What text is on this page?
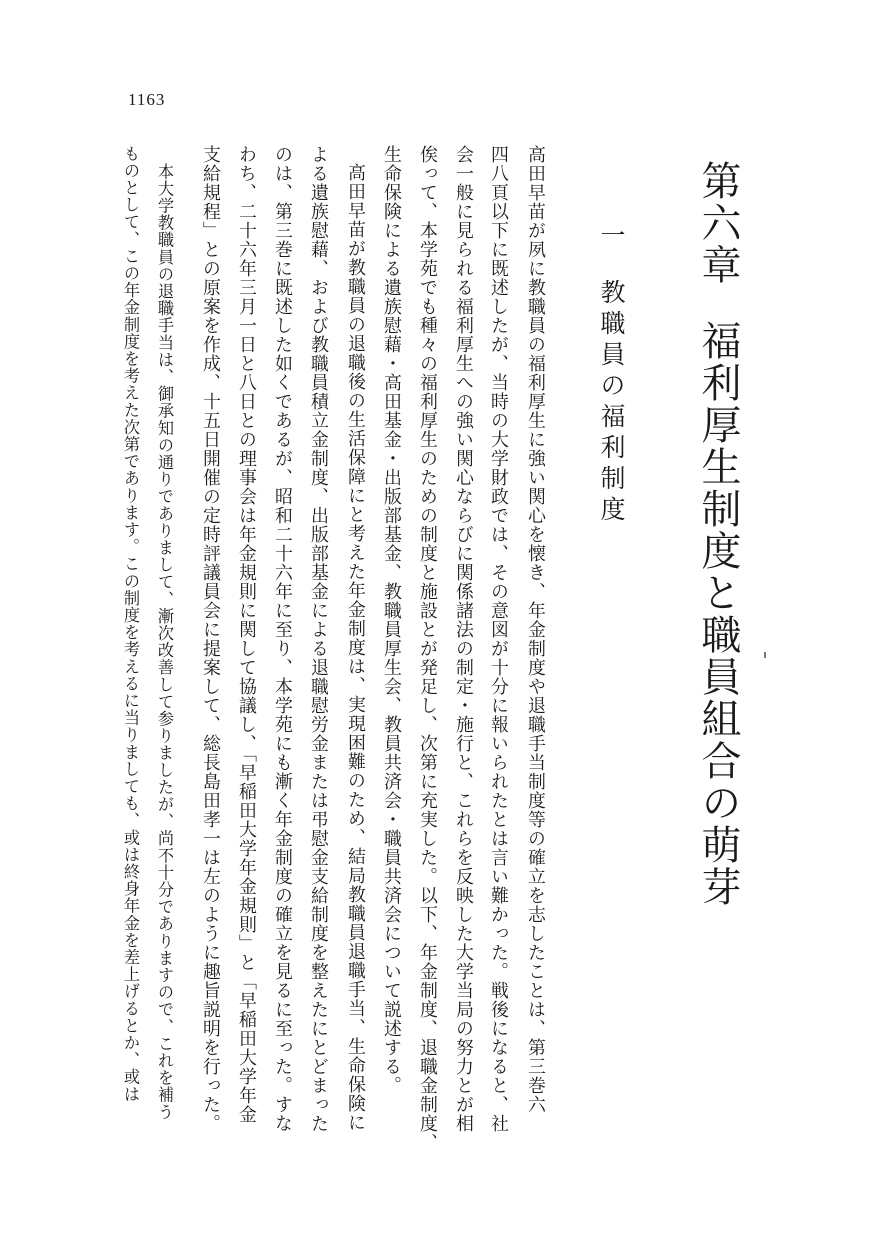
1163
第六章福利厚生制度と職員組合の萌芽
一教職員の福利制度
高田早苗が夙に教職員の福利厚生に強い関心を懐き、年金制度や退職手当制度等の確立を志したことは、第三巻六
四八頁以下に既述したが、当時の大学財政では、その意図が十分に報いられたとは言い難かった。戦後になると、社
会一般に見られる福利厚生への強い関心ならびに関係諸法の制定・施行と、これらを反映した大学当局の努力とが相
俟って、本学苑でも種々の福利厚生のための制度と施設とが発足し、次第に充実した。以下、年金制度、退職金制度、
生命保険による遺族慰藉・高田基金・出版部基金、教職員厚生会、教員共済会・職員共済会について説述する。
高田早苗が教職員の退職後の生活保障にと考えた年金制度は、実現困難のため、結局教職員退職手当、生命保険に
よる遺族慰藉、および教職員積立金制度、出版部基金による退職慰労金または弔慰金支給制度を整えたにとどまった
のは、第三巻に既述した如くであるが、昭和二十六年に至り、本学苑にも漸く年金制度の確立を見るに至った。すな
わち、二十六年三月一日と八日との理事会は年金規則に関して協議し、「早稲田大学年金規則」と「早稲田大学年金
支給規程」との原案を作成、十五日開催の定時評議員会に提案して、総長島田孝一は左のように趣旨説明を行った。
本大学教職員の退職手当は、御承知の通りでありまして、漸次改善して参りましたが、尚不十分でありますので、これを補う
ものとして、この年金制度を考えた次第であります。この制度を考えるに当りましても、或は終身年金を差上げるとか、或は
